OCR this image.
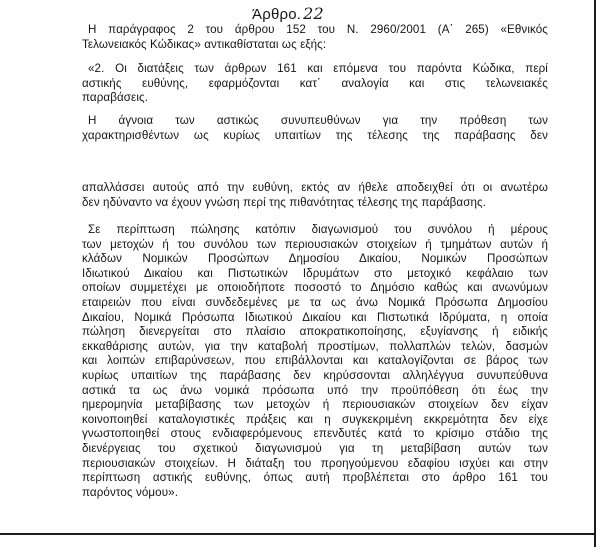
Άρθρο. 22
Η παράγραφος 2 του άρθρου 152 του Ν. 2960/2001 (Α΄ 265) «Εθνικός
Τελωνειακός Κώδικας» αντικαθίσταται ως εξής:
«2. Οι διατάξεις των άρθρων 161 και επόμενα του παρόντα Κώδικα, περί
αστικής ευθύνης, εφαρμόζονται κατ΄ αναλογία και στις τελωνειακές
παραβάσεις.
Η άγνοια των αστικώς συνυπευθύνων για την πρόθεση των
χαρακτηρισθέντων ως κυρίως υπαιτίων της τέλεσης της παράβασης δεν
απαλλάσσει αυτούς από την ευθύνη, εκτός αν ήθελε αποδειχθεί ότι οι ανωτέρω
δεν ηδύναντο να έχουν γνώση περί της πιθανότητας τέλεσης της παράβασης.
Σε περίπτωση πώλησης κατόπιν διαγωνισμού του συνόλου ή μέρους
των μετοχών ή του συνόλου των περιουσιακών στοιχείων ή τμημάτων αυτών ή
κλάδων Νομικών Προσώπων Δημοσίου Δικαίου, Νομικών Προσώπων
Ιδιωτικού Δικαίου και Πιστωτικών Ιδρυμάτων στο μετοχικό κεφάλαιο των
οποίων συμμετέχει με οποιοδήποτε ποσοστό το Δημόσιο καθώς και ανωνύμων
εταιρειών που είναι συνδεδεμένες με τα ως άνω Νομικά Πρόσωπα Δημοσίου
Δικαίου, Νομικά Πρόσωπα Ιδιωτικού Δικαίου και Πιστωτικά Ιδρύματα, η οποία
πώληση διενεργείται στο πλαίσιο αποκρατικοποίησης, εξυγίανσης ή ειδικής
εκκαθάρισης αυτών, για την καταβολή προστίμων, πολλαπλών τελών, δασμών
και λοιπών επιβαρύνσεων, που επιβάλλονται και καταλογίζονται σε βάρος των
κυρίως υπαιτίων της παράβασης δεν κηρύσσονται αλληλέγγυα συνυπεύθυνα
αστικά τα ως άνω νομικά πρόσωπα υπό την προϋπόθεση ότι έως την
ημερομηνία μεταβίβασης των μετοχών ή περιουσιακών στοιχείων δεν είχαν
κοινοποιηθεί καταλογιστικές πράξεις και η συγκεκριμένη εκκρεμότητα δεν είχε
γνωστοποιηθεί στους ενδιαφερόμενους επενδυτές κατά το κρίσιμο στάδιο της
διενέργειας του σχετικού διαγωνισμού για τη μεταβίβαση αυτών των
περιουσιακών στοιχείων. Η διάταξη του προηγούμενου εδαφίου ισχύει και στην
περίπτωση αστικής ευθύνης, όπως αυτή προβλέπεται στο άρθρο 161 του
παρόντος νόμου».
